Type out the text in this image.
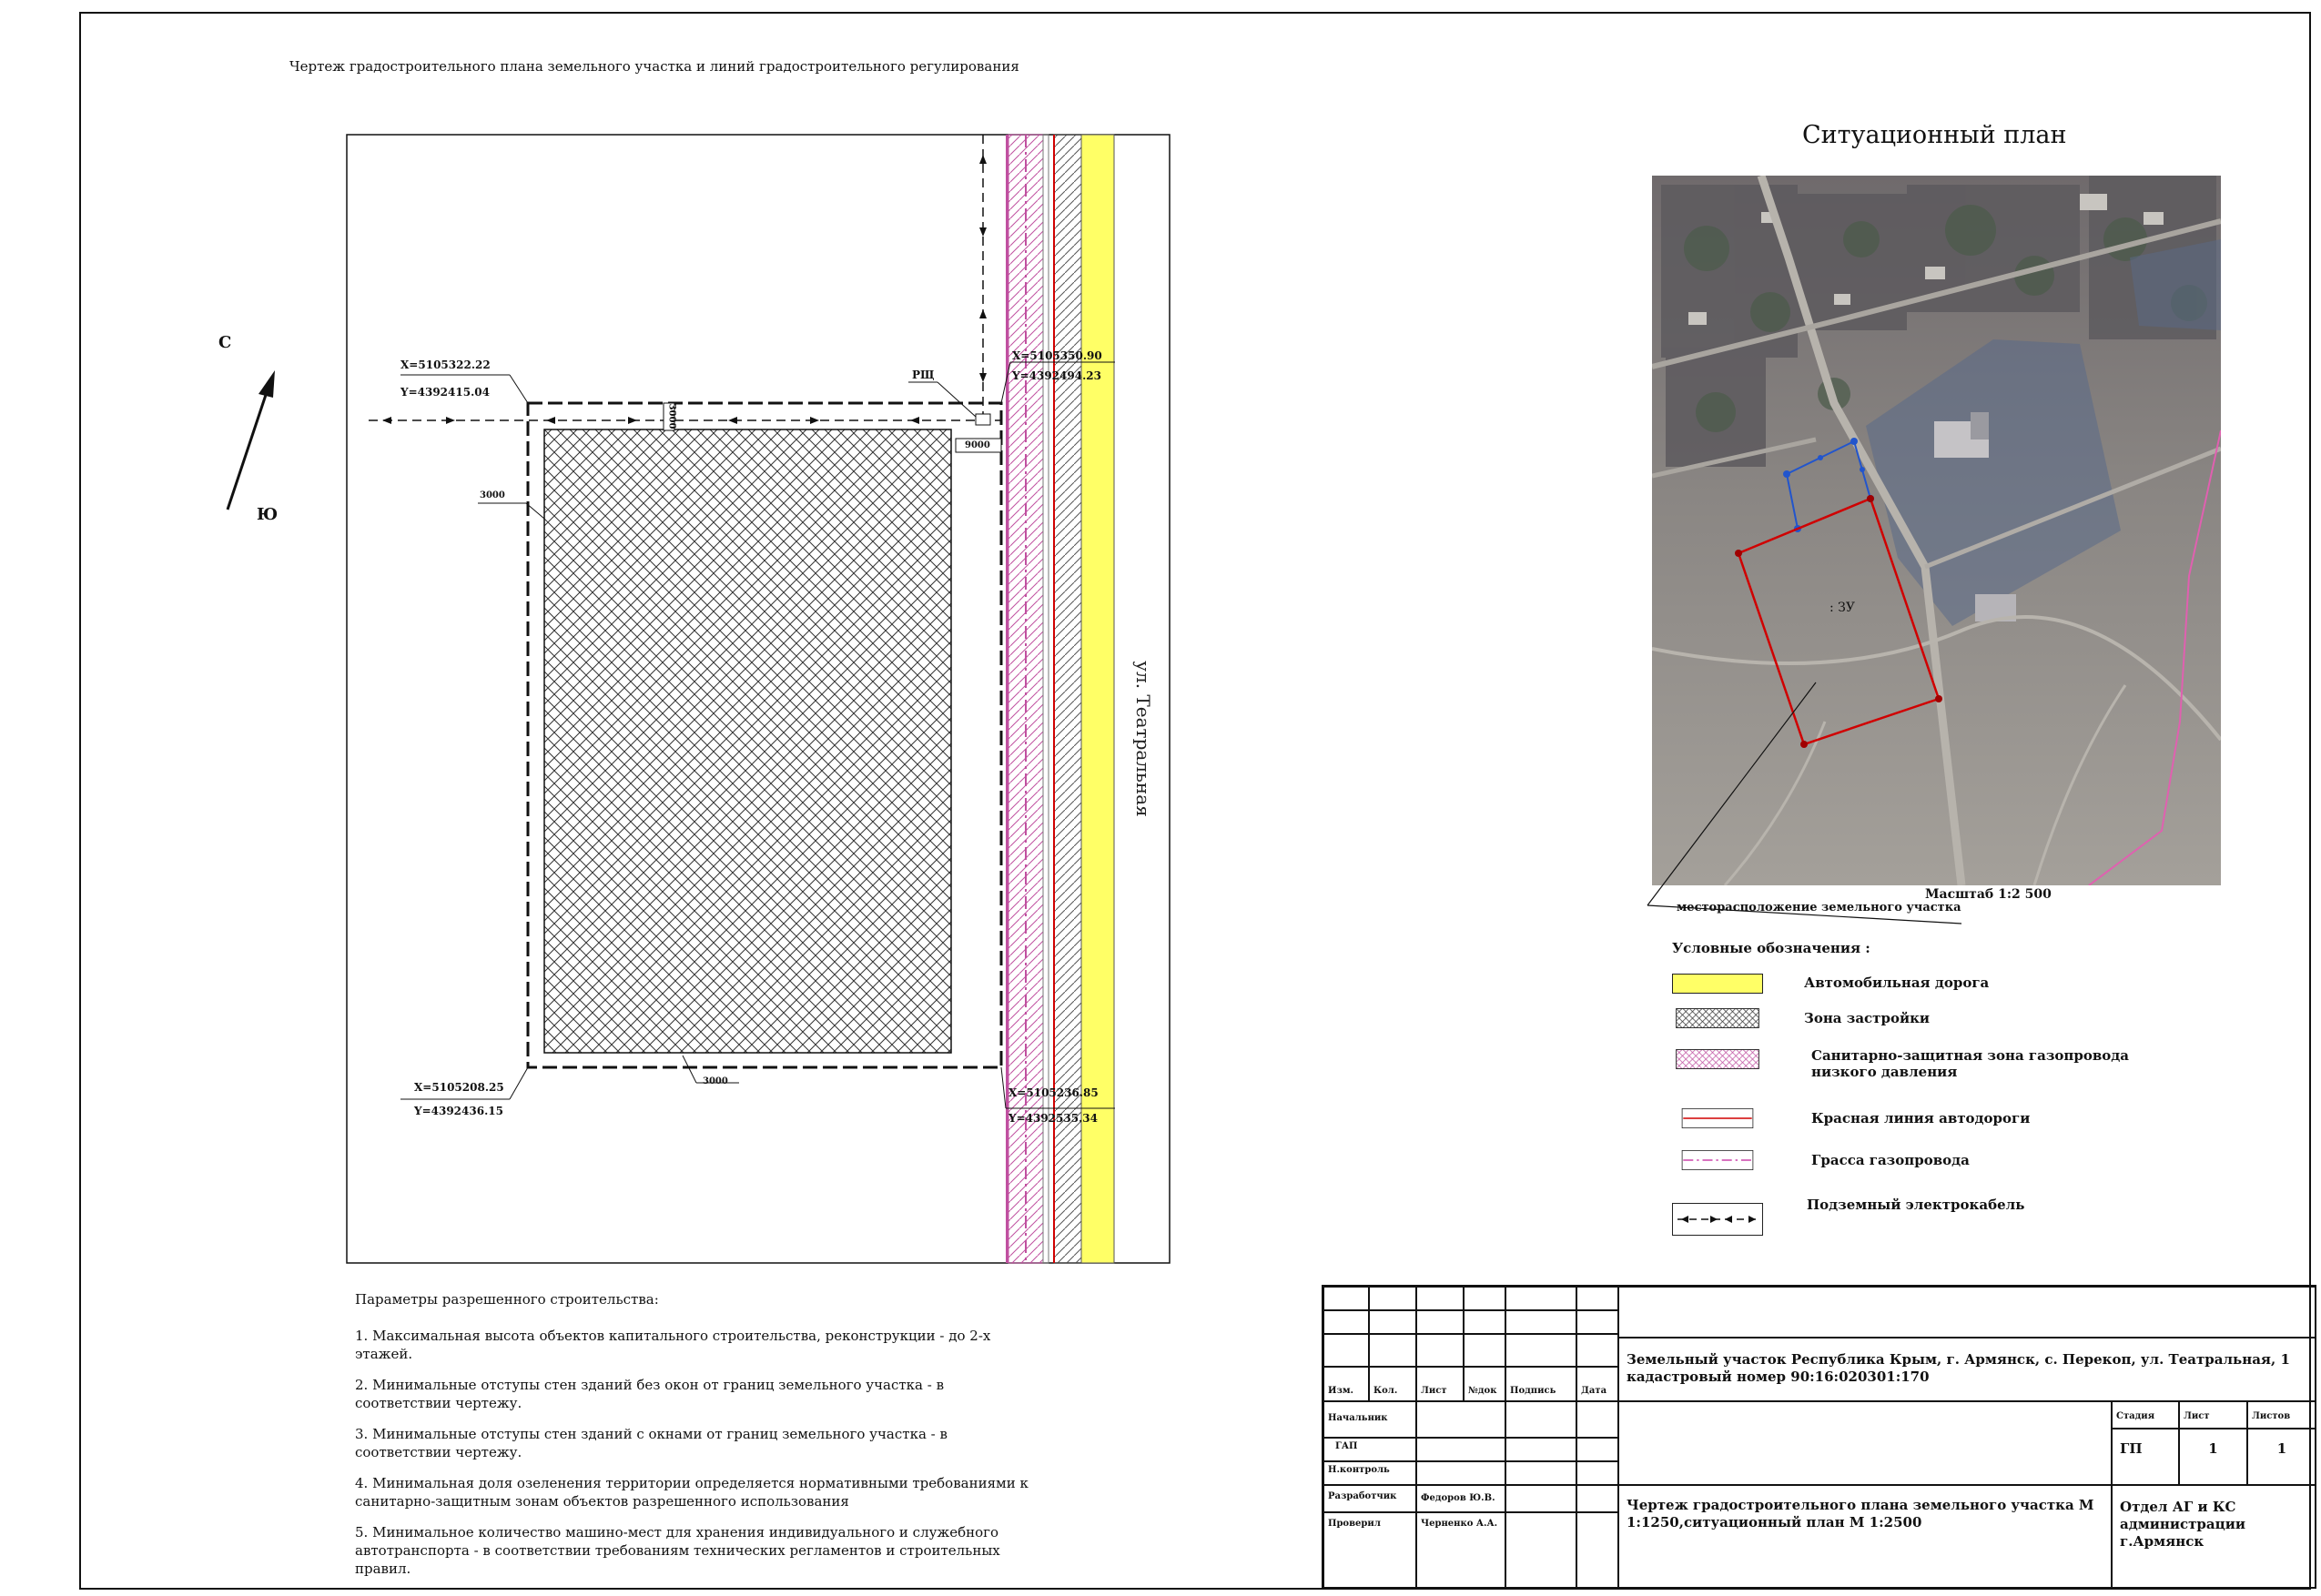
Чертеж градостроительного плана земельного участка и линий градостроительного регулирования
С
Ю
X=5105322.22
Y=4392415.04
X=5105350.90
Y=4392494.23
X=5105208.25
Y=4392436.15
X=5105236.85
Y=4392535.34
3000
3000
9000
3000
РЩ
ул. Театральная
Ситуационный план
: ЗУ
Масштаб 1:2 500
месторасположение земельного участка
Условные обозначения :
Автомобильная дорога
Зона застройки
Санитарно-защитная зона газопровода низкого давления
Красная линия автодороги
Грасса газопровода
Подземный электрокабель

Параметры разрешенного строительства:

1. Максимальная высота объектов капитального строительства, реконструкции - до 2-х этажей.

2. Минимальные отступы стен зданий без окон от границ земельного участка - в соответствии чертежу.

3. Минимальные отступы стен зданий с окнами от границ земельного участка - в соответствии чертежу.

4. Минимальная доля озеленения территории определяется нормативными требованиями к санитарно-защитным зонам объектов разрешенного использования

5. Минимальное количество машино-мест для хранения индивидуального и служебного автотранспорта - в соответствии требованиям технических регламентов и строительных правил.

Изм.	Кол.	Лист	№док	Подпись	Дата
Начальник
ГАП
Н.контроль
Разработчик	Федоров Ю.В.
Проверил	Черненко А.А.
Земельный участок Республика Крым, г. Армянск, с. Перекоп, ул. Театральная, 1 кадастровый номер 90:16:020301:170
Стадия	Лист	Листов
ГП	1	1
Чертеж градостроительного плана земельного участка М 1:1250,ситуационный план М 1:2500
Отдел АГ и КС администрации г.Армянск
